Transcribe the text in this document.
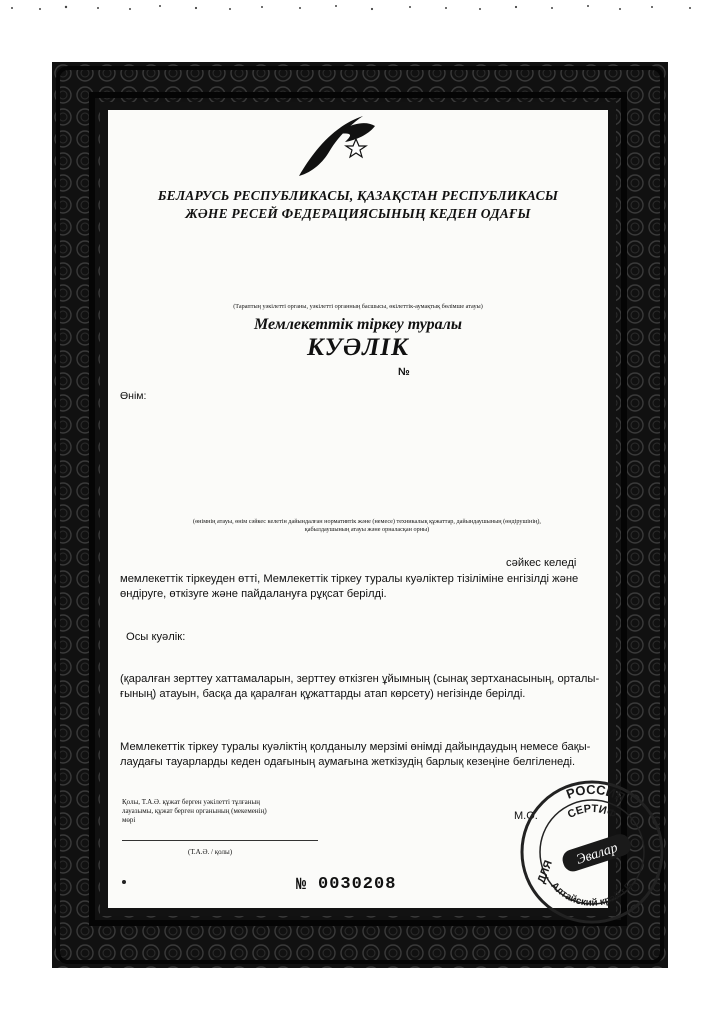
БЕЛАРУСЬ РЕСПУБЛИКАСЫ, ҚАЗАҚСТАН РЕСПУБЛИКАСЫ
ЖӘНЕ РЕСЕЙ ФЕДЕРАЦИЯСЫНЫҢ КЕДЕН ОДАҒЫ
(Тараптың уәкілетті органы, уәкілетті органның басшысы, өкілеттік-аумақтық бөлімше атауы)
Мемлекеттік тіркеу туралы
КУӘЛІК
№
Өнім:
(өнімнің атауы, өнім сәйкес келетін дайындалған нормативтік және (немесе) техникалық құжаттар, дайындаушының (өндірушінің),
қабылдаушының атауы және орналасқан орны)
сәйкес келеді
мемлекеттік тіркеуден өтті, Мемлекеттік тіркеу туралы куәліктер тізіліміне енгізілді және
өндіруге, өткізуге және пайдалануға рұқсат берілді.
Осы куәлік:
(қаралған зерттеу хаттамаларын, зерттеу өткізген ұйымның (сынақ зертханасының, орталы-
ғының) атауын, басқа да қаралған құжаттарды атап көрсету) негізінде берілді.
Мемлекеттік тіркеу туралы куәліктің қолданылу мерзімі өнімді дайындаудың немесе бақы-
лаудағы тауарларды кеден одағының аумағына жеткізудің барлық кезеңіне белгіленеді.
Қолы, Т.А.Ә. құжат берген уәкілетті тұлғаның
лауазымы, құжат берген органының (мекеменің)
мөрі
(Т.А.Ә. / қолы)
М.О.
№ 0030208
РОССИЯ
СЕРТИФ
Эвалар
ДЛЯ
Алтайский край г.Б
